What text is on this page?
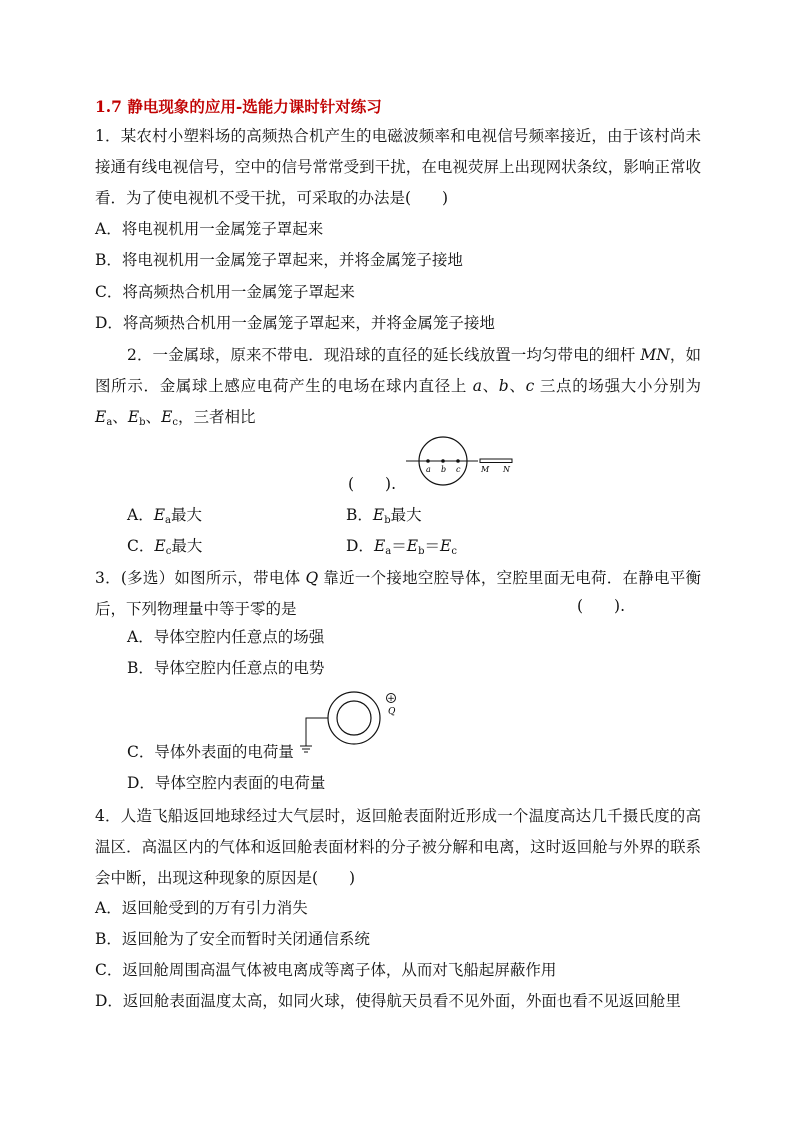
1.7 静电现象的应用-选能力课时针对练习
1．某农村小塑料场的高频热合机产生的电磁波频率和电视信号频率接近，由于该村尚未接通有线电视信号，空中的信号常常受到干扰，在电视荧屏上出现网状条纹，影响正常收看．为了使电视机不受干扰，可采取的办法是(　　)
A．将电视机用一金属笼子罩起来
B．将电视机用一金属笼子罩起来，并将金属笼子接地
C．将高频热合机用一金属笼子罩起来
D．将高频热合机用一金属笼子罩起来，并将金属笼子接地
2．一金属球，原来不带电．现沿球的直径的延长线放置一均匀带电的细杆 MN，如图所示．金属球上感应电荷产生的电场在球内直径上 a、b、c 三点的场强大小分别为$E_a$、$E_b$、$E_c$，三者相比
a b c	M N
(　　).
A．$E_a$最大	B．$E_b$最大
C．$E_c$最大	D．$E_a=E_b=E_c$
3．(多选）如图所示，带电体 Q 靠近一个接地空腔导体，空腔里面无电荷．在静电平衡后，下列物理量中等于零的是	(　　).
A．导体空腔内任意点的场强
B．导体空腔内任意点的电势
+
Q
C．导体外表面的电荷量
D．导体空腔内表面的电荷量
4．人造飞船返回地球经过大气层时，返回舱表面附近形成一个温度高达几千摄氏度的高温区．高温区内的气体和返回舱表面材料的分子被分解和电离，这时返回舱与外界的联系会中断，出现这种现象的原因是(　　)
A．返回舱受到的万有引力消失
B．返回舱为了安全而暂时关闭通信系统
C．返回舱周围高温气体被电离成等离子体，从而对飞船起屏蔽作用
D．返回舱表面温度太高，如同火球，使得航天员看不见外面，外面也看不见返回舱里
